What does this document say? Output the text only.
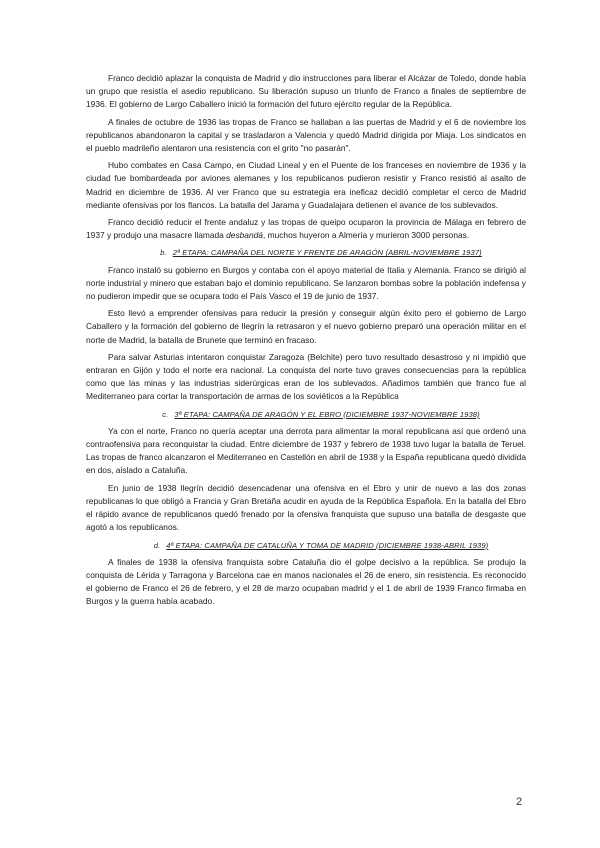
Franco decidió aplazar la conquista de Madrid y dio instrucciones para liberar el Alcázar de Toledo, donde había un grupo que resistía el asedio republicano. Su liberación supuso un triunfo de Franco a finales de septiembre de 1936. El gobierno de Largo Caballero inició la formación del futuro ejército regular de la República.

A finales de octubre de 1936 las tropas de Franco se hallaban a las puertas de Madrid y el 6 de noviembre los republicanos abandonaron la capital y se trasladaron a Valencia y quedó Madrid dirigida por Miaja. Los sindicatos en el pueblo madrileño alentaron una resistencia con el grito "no pasarán".

Hubo combates en Casa Campo, en Ciudad Lineal y en el Puente de los franceses en noviembre de 1936 y la ciudad fue bombardeada por aviones alemanes y los republicanos pudieron resistir y Franco resistió al asalto de Madrid en diciembre de 1936. Al ver Franco que su estrategia era ineficaz decidió completar el cerco de Madrid mediante ofensivas por los flancos. La batalla del Jarama y Guadalajara detienen el avance de los sublevados.

Franco decidió reducir el frente andaluz y las tropas de queipo ocuparon la provincia de Málaga en febrero de 1937 y produjo una masacre llamada desbandá, muchos huyeron a Almería y murieron 3000 personas.

b. 2ª ETAPA: CAMPAÑA DEL NORTE Y FRENTE DE ARAGÓN (ABRIL-NOVIEMBRE 1937)

Franco instaló su gobierno en Burgos y contaba con el apoyo material de Italia y Alemania. Franco se dirigió al norte industrial y minero que estaban bajo el dominio republicano. Se lanzaron bombas sobre la población indefensa y no pudieron impedir que se ocupara todo el País Vasco el 19 de junio de 1937.

Esto llevó a emprender ofensivas para reducir la presión y conseguir algún éxito pero el gobierno de Largo Caballero y la formación del gobierno de llegrín la retrasaron y el nuevo gobierno preparó una operación militar en el norte de Madrid, la batalla de Brunete que terminó en fracaso.

Para salvar Asturias intentaron conquistar Zaragoza (Belchite) pero tuvo resultado desastroso y ni impidió que entraran en Gijón y todo el norte era nacional. La conquista del norte tuvo graves consecuencias para la república como que las minas y las industrias siderúrgicas eran de los sublevados. Añadimos también que franco fue al Mediterraneo para cortar la transportación de armas de los soviéticos a la República

c. 3ª ETAPA: CAMPAÑA DE ARAGÓN Y EL EBRO (DICIEMBRE 1937-NOVIEMBRE 1938)

Ya con el norte, Franco no quería aceptar una derrota para alimentar la moral republicana así que ordenó una contraofensiva para reconquistar la ciudad. Entre diciembre de 1937 y febrero de 1938 tuvo lugar la batalla de Teruel. Las tropas de franco alcanzaron el Mediterraneo en Castellón en abril de 1938 y la España republicana quedó dividida en dos, aislado a Cataluña.

En junio de 1938 llegrín decidió desencadenar una ofensiva en el Ebro y unir de nuevo a las dos zonas republicanas lo que obligó a Francia y Gran Bretaña acudir en ayuda de la República Española. En la batalla del Ebro el rápido avance de republicanos quedó frenado por la ofensiva franquista que supuso una batalla de desgaste que agotó a los republicanos.

d. 4ª ETAPA: CAMPAÑA DE CATALUÑA Y TOMA DE MADRID (DICIEMBRE 1938-ABRIL 1939)

A finales de 1938 la ofensiva franquista sobre Cataluña dio el golpe decisivo a la república. Se produjo la conquista de Lérida y Tarragona y Barcelona cae en manos nacionales el 26 de enero, sin resistencia. Es reconocido el gobierno de Franco el 26 de febrero, y el 28 de marzo ocupaban madrid y el 1 de abril de 1939 Franco firmaba en Burgos y la guerra había acabado.

2
